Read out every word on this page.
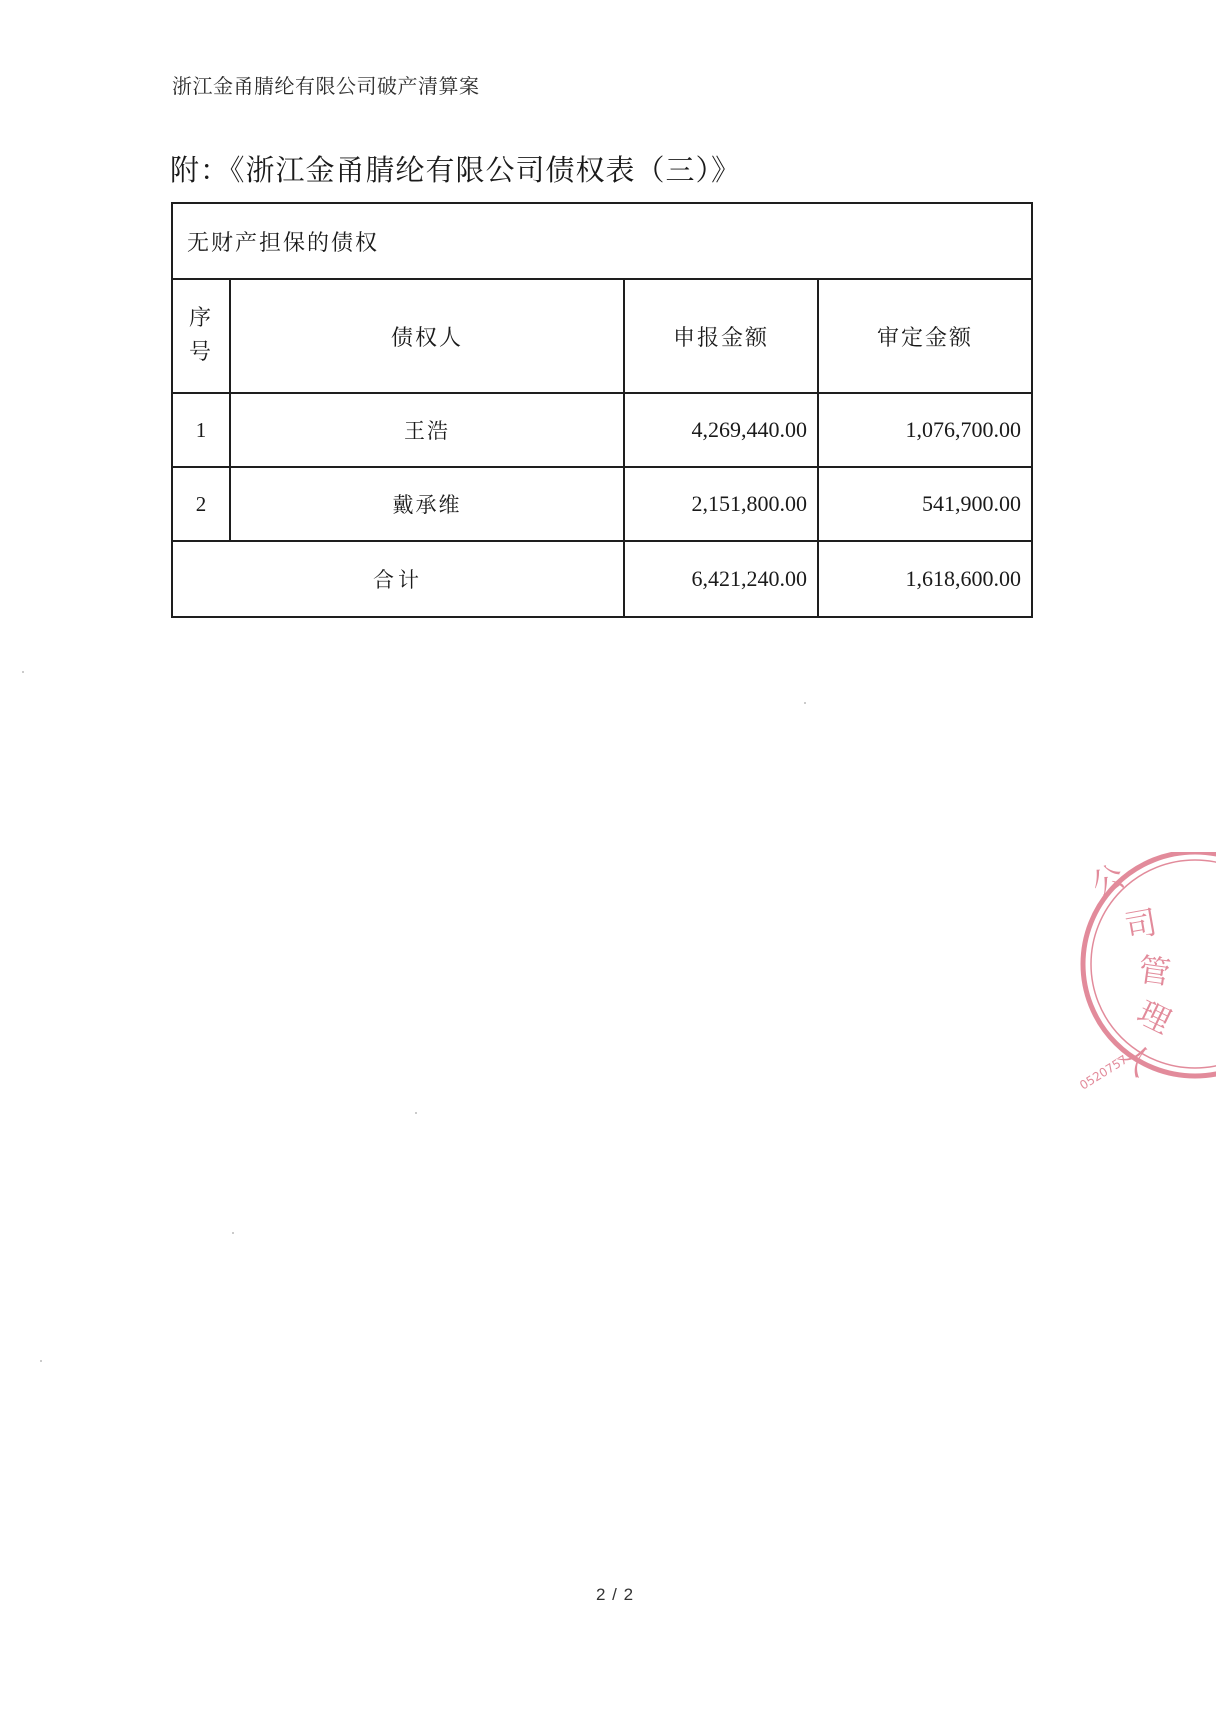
浙江金甬腈纶有限公司破产清算案
附：《浙江金甬腈纶有限公司债权表（三）》
无财产担保的债权			

序
号	债权人	申报金额	审定金额
1	王浩	4,269,440.00	1,076,700.00
2	戴承维	2,151,800.00	541,900.00
合计		6,421,240.00	1,618,600.00
公
司
管
理
人
0520757
2 / 2
